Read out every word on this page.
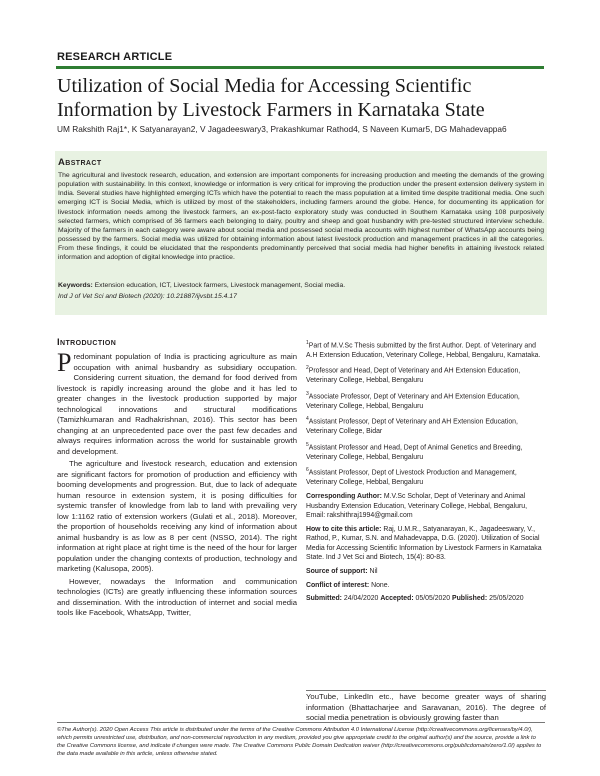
RESEARCH ARTICLE
Utilization of Social Media for Accessing Scientific Information by Livestock Farmers in Karnataka State
UM Rakshith Raj1*, K Satyanarayan2, V Jagadeeswary3, Prakashkumar Rathod4, S Naveen Kumar5, DG Mahadevappa6
Abstract
The agricultural and livestock research, education, and extension are important components for increasing production and meeting the demands of the growing population with sustainability. In this context, knowledge or information is very critical for improving the production under the present extension delivery system in India. Several studies have highlighted emerging ICTs which have the potential to reach the mass population at a limited time despite traditional media. One such emerging ICT is Social Media, which is utilized by most of the stakeholders, including farmers around the globe. Hence, for documenting its application for livestock information needs among the livestock farmers, an ex-post-facto exploratory study was conducted in Southern Karnataka using 108 purposively selected farmers, which comprised of 36 farmers each belonging to dairy, poultry and sheep and goat husbandry with pre-tested structured interview schedule. Majority of the farmers in each category were aware about social media and possessed social media accounts with highest number of WhatsApp accounts being possessed by the farmers. Social media was utilized for obtaining information about latest livestock production and management practices in all the categories. From these findings, it could be elucidated that the respondents predominantly perceived that social media had higher benefits in attaining livestock related information and adoption of digital knowledge into practice.
Keywords: Extension education, ICT, Livestock farmers, Livestock management, Social media.
Ind J of Vet Sci and Biotech (2020): 10.21887/ijvsbt.15.4.17
Introduction

Predominant population of India is practicing agriculture as main occupation with animal husbandry as subsidiary occupation. Considering current situation, the demand for food derived from livestock is rapidly increasing around the globe and it has led to greater changes in the livestock production supported by major technological innovations and structural modifications (Tamizhkumaran and Radhakrishnan, 2016). This sector has been changing at an unprecedented pace over the past few decades and always requires information across the world for sustainable growth and development.

The agriculture and livestock research, education and extension are significant factors for promotion of production and efficiency with booming developments and progression. But, due to lack of adequate human resource in extension system, it is posing difficulties for systemic transfer of knowledge from lab to land with prevailing very low 1:1162 ratio of extension workers (Gulati et al., 2018). Moreover, the proportion of households receiving any kind of information about animal husbandry is as low as 8 per cent (NSSO, 2014). The right information at right place at right time is the need of the hour for larger population under the changing contexts of production, technology and marketing (Kalusopa, 2005).

However, nowadays the Information and communication technologies (ICTs) are greatly influencing these information sources and dissemination. With the introduction of internet and social media tools like Facebook, WhatsApp, Twitter,

$^1$Part of M.V.Sc Thesis submitted by the first Author. Dept. of Veterinary and A.H Extension Education, Veterinary College, Hebbal, Bengaluru, Karnataka.

$^2$Professor and Head, Dept of Veterinary and AH Extension Education, Veterinary College, Hebbal, Bengaluru

$^3$Associate Professor, Dept of Veterinary and AH Extension Education, Veterinary College, Hebbal, Bengaluru

$^4$Assistant Professor, Dept of Veterinary and AH Extension Education, Veterinary College, Bidar

$^5$Assistant Professor and Head, Dept of Animal Genetics and Breeding, Veterinary College, Hebbal, Bengaluru

$^6$Assistant Professor, Dept of Livestock Production and Management, Veterinary College, Hebbal, Bengaluru

Corresponding Author: M.V.Sc Scholar, Dept of Veterinary and Animal Husbandry Extension Education, Veterinary College, Hebbal, Bengaluru, Email: rakshithraj1994@gmail.com

How to cite this article: Raj, U.M.R., Satyanarayan, K., Jagadeeswary, V., Rathod, P., Kumar, S.N. and Mahadevappa, D.G. (2020). Utilization of Social Media for Accessing Scientific Information by Livestock Farmers in Karnataka State. Ind J Vet Sci and Biotech, 15(4): 80-83.

Source of support: Nil

Conflict of interest: None.

Submitted: 24/04/2020 Accepted: 05/05/2020 Published: 25/05/2020

YouTube, LinkedIn etc., have become greater ways of sharing information (Bhattacharjee and Saravanan, 2016). The degree of social media penetration is obviously growing faster than
©The Author(s). 2020 Open Access This article is distributed under the terms of the Creative Commons Attribution 4.0 International License (http://creativecommons.org/licenses/by/4.0/), which permits unrestricted use, distribution, and non-commercial reproduction in any medium, provided you give appropriate credit to the original author(s) and the source, provide a link to the Creative Commons license, and indicate if changes were made. The Creative Commons Public Domain Dedication waiver (http://creativecommons.org/publicdomain/zero/1.0/) applies to the data made available in this article, unless otherwise stated.
